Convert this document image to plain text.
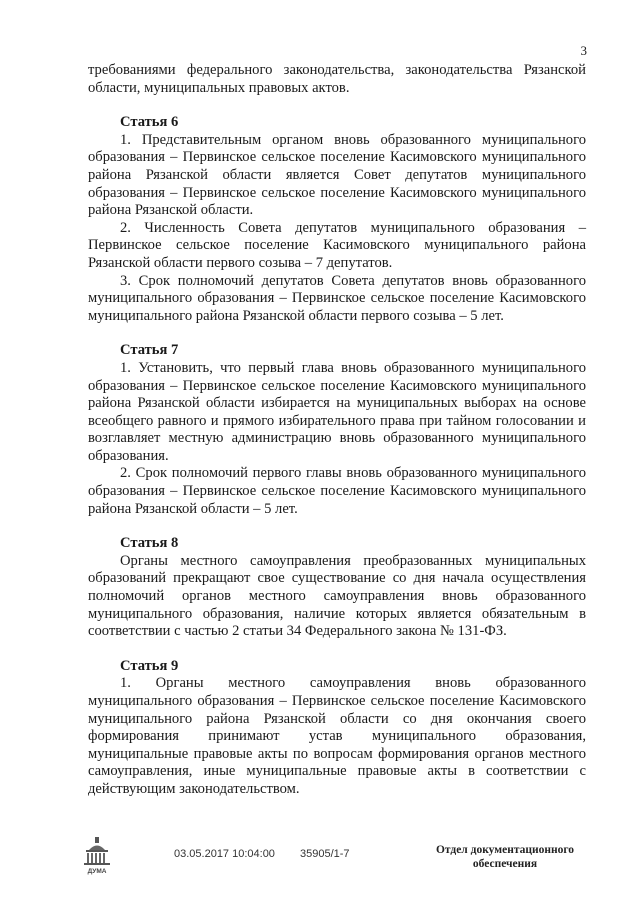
3

требованиями федерального законодательства, законодательства Рязанской области, муниципальных правовых актов.

Статья 6

1. Представительным органом вновь образованного муниципального образования – Первинское сельское поселение Касимовского муниципального района Рязанской области является Совет депутатов муниципального образования – Первинское сельское поселение Касимовского муниципального района Рязанской области.

2. Численность Совета депутатов муниципального образования – Первинское сельское поселение Касимовского муниципального района Рязанской области первого созыва – 7 депутатов.

3. Срок полномочий депутатов Совета депутатов вновь образованного муниципального образования – Первинское сельское поселение Касимовского муниципального района Рязанской области первого созыва – 5 лет.

Статья 7

1. Установить, что первый глава вновь образованного муниципального образования – Первинское сельское поселение Касимовского муниципального района Рязанской области избирается на муниципальных выборах на основе всеобщего равного и прямого избирательного права при тайном голосовании и возглавляет местную администрацию вновь образованного муниципального образования.

2. Срок полномочий первого главы вновь образованного муниципального образования – Первинское сельское поселение Касимовского муниципального района Рязанской области – 5 лет.

Статья 8

Органы местного самоуправления преобразованных муниципальных образований прекращают свое существование со дня начала осуществления полномочий органов местного самоуправления вновь образованного муниципального образования, наличие которых является обязательным в соответствии с частью 2 статьи 34 Федерального закона № 131-ФЗ.

Статья 9

1. Органы местного самоуправления вновь образованного муниципального образования – Первинское сельское поселение Касимовского муниципального района Рязанской области со дня окончания своего формирования принимают устав муниципального образования, муниципальные правовые акты по вопросам формирования органов местного самоуправления, иные муниципальные правовые акты в соответствии с действующим законодательством.

ДУМА
03.05.2017 10:04:00 35905/1-7	Отдел документационного обеспечения
